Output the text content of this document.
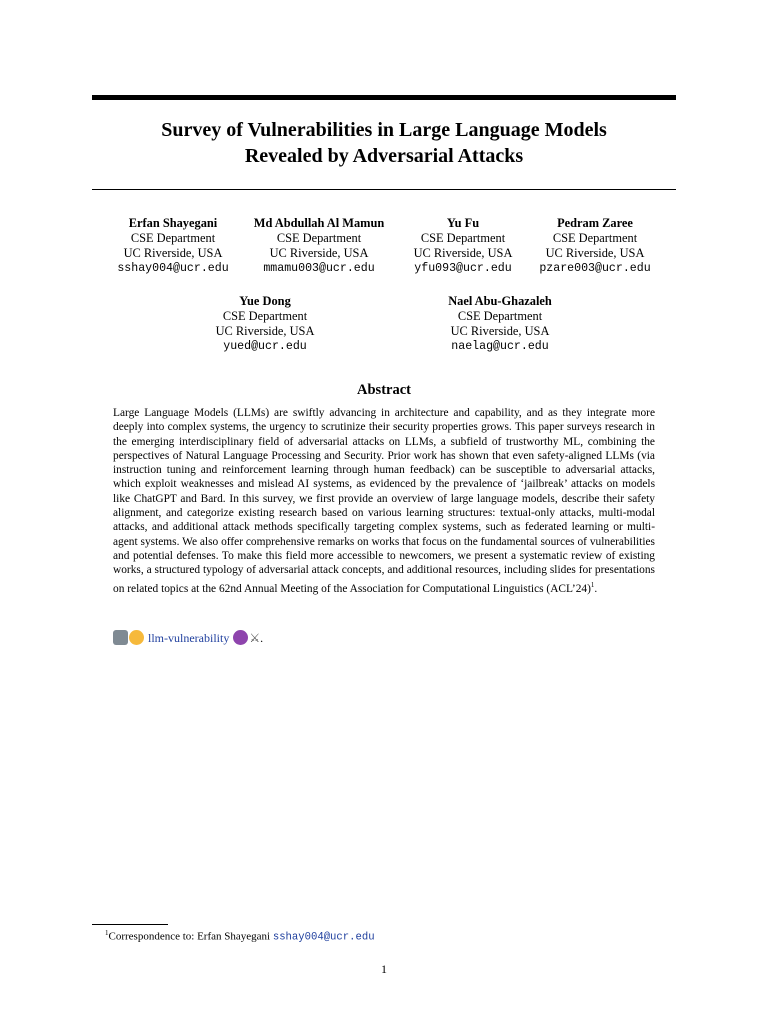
Survey of Vulnerabilities in Large Language Models
Revealed by Adversarial Attacks
Erfan Shayegani
CSE Department
UC Riverside, USA
sshay004@ucr.edu
Md Abdullah Al Mamun
CSE Department
UC Riverside, USA
mmamu003@ucr.edu
Yu Fu
CSE Department
UC Riverside, USA
yfu093@ucr.edu
Pedram Zaree
CSE Department
UC Riverside, USA
pzare003@ucr.edu
Yue Dong
CSE Department
UC Riverside, USA
yued@ucr.edu
Nael Abu-Ghazaleh
CSE Department
UC Riverside, USA
naelag@ucr.edu
Abstract
Large Language Models (LLMs) are swiftly advancing in architecture and capability, and as they integrate more deeply into complex systems, the urgency to scrutinize their security properties grows. This paper surveys research in the emerging interdisciplinary field of adversarial attacks on LLMs, a subfield of trustworthy ML, combining the perspectives of Natural Language Processing and Security. Prior work has shown that even safety-aligned LLMs (via instruction tuning and reinforcement learning through human feedback) can be susceptible to adversarial attacks, which exploit weaknesses and mislead AI systems, as evidenced by the prevalence of ‘jailbreak’ attacks on models like ChatGPT and Bard. In this survey, we first provide an overview of large language models, describe their safety alignment, and categorize existing research based on various learning structures: textual-only attacks, multi-modal attacks, and additional attack methods specifically targeting complex systems, such as federated learning or multi-agent systems. We also offer comprehensive remarks on works that focus on the fundamental sources of vulnerabilities and potential defenses. To make this field more accessible to newcomers, we present a systematic review of existing works, a structured typology of adversarial attack concepts, and additional resources, including slides for presentations on related topics at the 62nd Annual Meeting of the Association for Computational Linguistics (ACL’24)$^1$.
llm-vulnerability ⚔.
$^1$Correspondence to: Erfan Shayegani sshay004@ucr.edu
1
